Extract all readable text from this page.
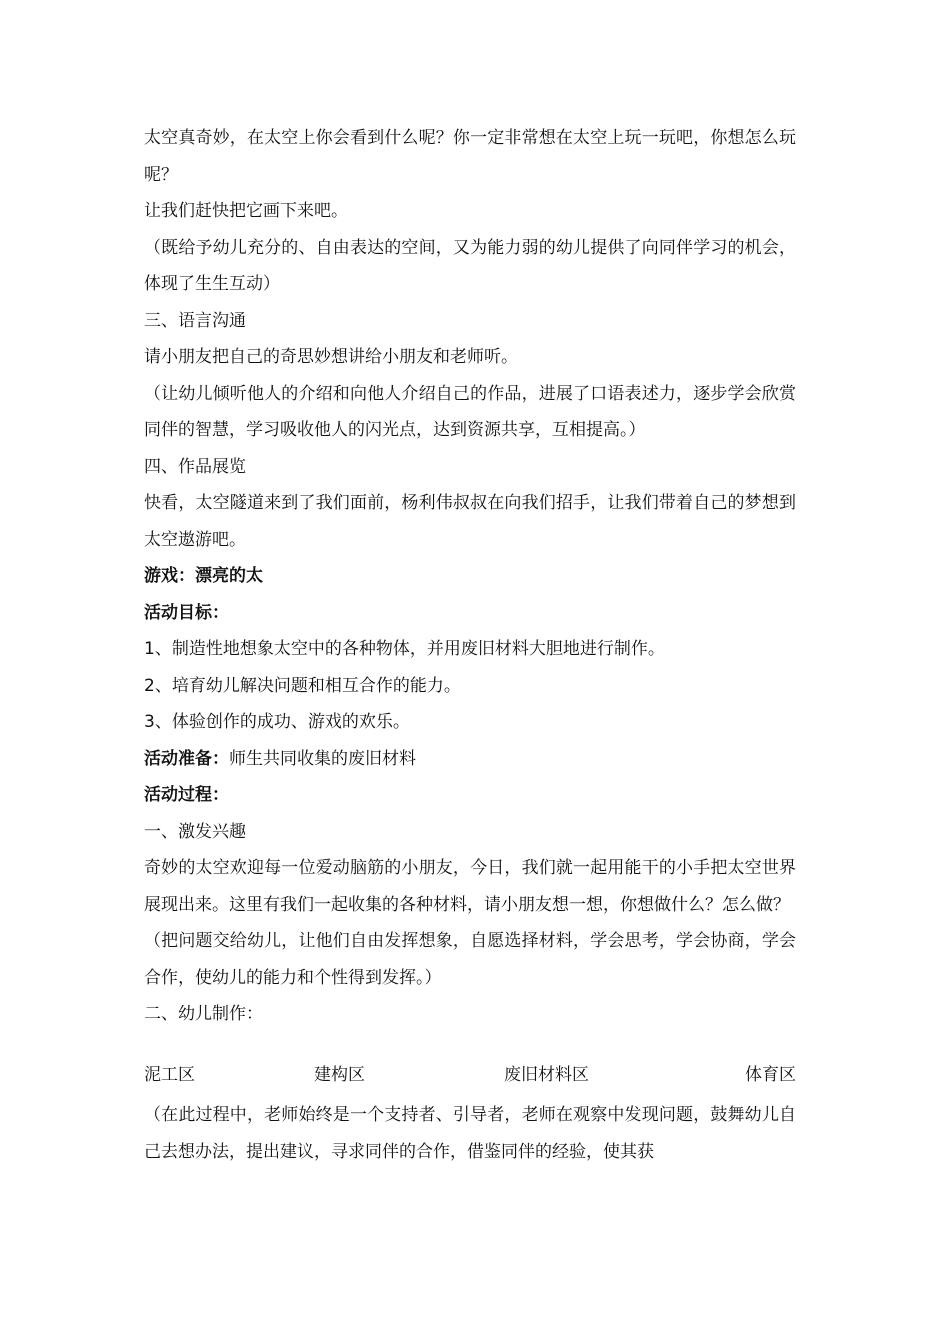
太空真奇妙，在太空上你会看到什么呢？你一定非常想在太空上玩一玩吧，你想怎么玩呢？

让我们赶快把它画下来吧。

（既给予幼儿充分的、自由表达的空间，又为能力弱的幼儿提供了向同伴学习的机会，体现了生生互动）

三、语言沟通

请小朋友把自己的奇思妙想讲给小朋友和老师听。

（让幼儿倾听他人的介绍和向他人介绍自己的作品，进展了口语表述力，逐步学会欣赏同伴的智慧，学习吸收他人的闪光点，达到资源共享，互相提高。）

四、作品展览

快看，太空隧道来到了我们面前，杨利伟叔叔在向我们招手，让我们带着自己的梦想到太空遨游吧。

游戏：漂亮的太

活动目标：

1、制造性地想象太空中的各种物体，并用废旧材料大胆地进行制作。

2、培育幼儿解决问题和相互合作的能力。

3、体验创作的成功、游戏的欢乐。

活动准备：师生共同收集的废旧材料

活动过程：

一、激发兴趣

奇妙的太空欢迎每一位爱动脑筋的小朋友，今日，我们就一起用能干的小手把太空世界展现出来。这里有我们一起收集的各种材料，请小朋友想一想，你想做什么？怎么做？

（把问题交给幼儿，让他们自由发挥想象，自愿选择材料，学会思考，学会协商，学会合作，使幼儿的能力和个性得到发挥。）

二、幼儿制作：

泥工区	建构区	废旧材料区	体育区

（在此过程中，老师始终是一个支持者、引导者，老师在观察中发现问题，鼓舞幼儿自己去想办法，提出建议，寻求同伴的合作，借鉴同伴的经验，使其获
